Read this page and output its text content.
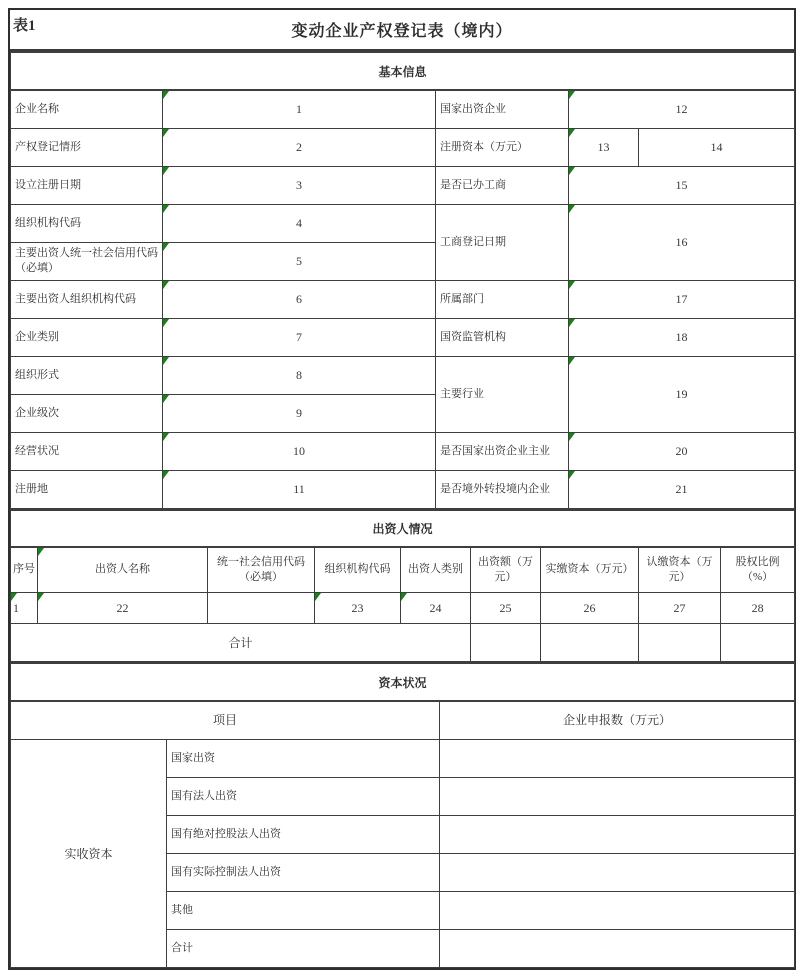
表1	变动企业产权登记表（境内）
基本信息				
企业名称	1	国家出资企业	12	
产权登记情形	2	注册资本（万元）	13	14
设立注册日期	3	是否已办工商	15	
组织机构代码	4	工商登记日期	16	
主要出资人统一社会信用代码（必填）	5			
主要出资人组织机构代码	6	所属部门	17	
企业类别	7	国资监管机构	18	
组织形式	8	主要行业	19	
企业级次	9			
经营状况	10	是否国家出资企业主业	20	
注册地	11	是否境外转投境内企业	21	
出资人情况								
序号	出资人名称	统一社会信用代码（必填）	组织机构代码	出资人类别	出资额（万元）	实缴资本（万元）	认缴资本（万元）	股权比例（%）

1	22		23	24	25	26	27	28
合计								
资本状况		
项目		企业申报数（万元）
实收资本	国家出资	
	国有法人出资	
	国有绝对控股法人出资	
	国有实际控制法人出资	
	其他	
	合计	
